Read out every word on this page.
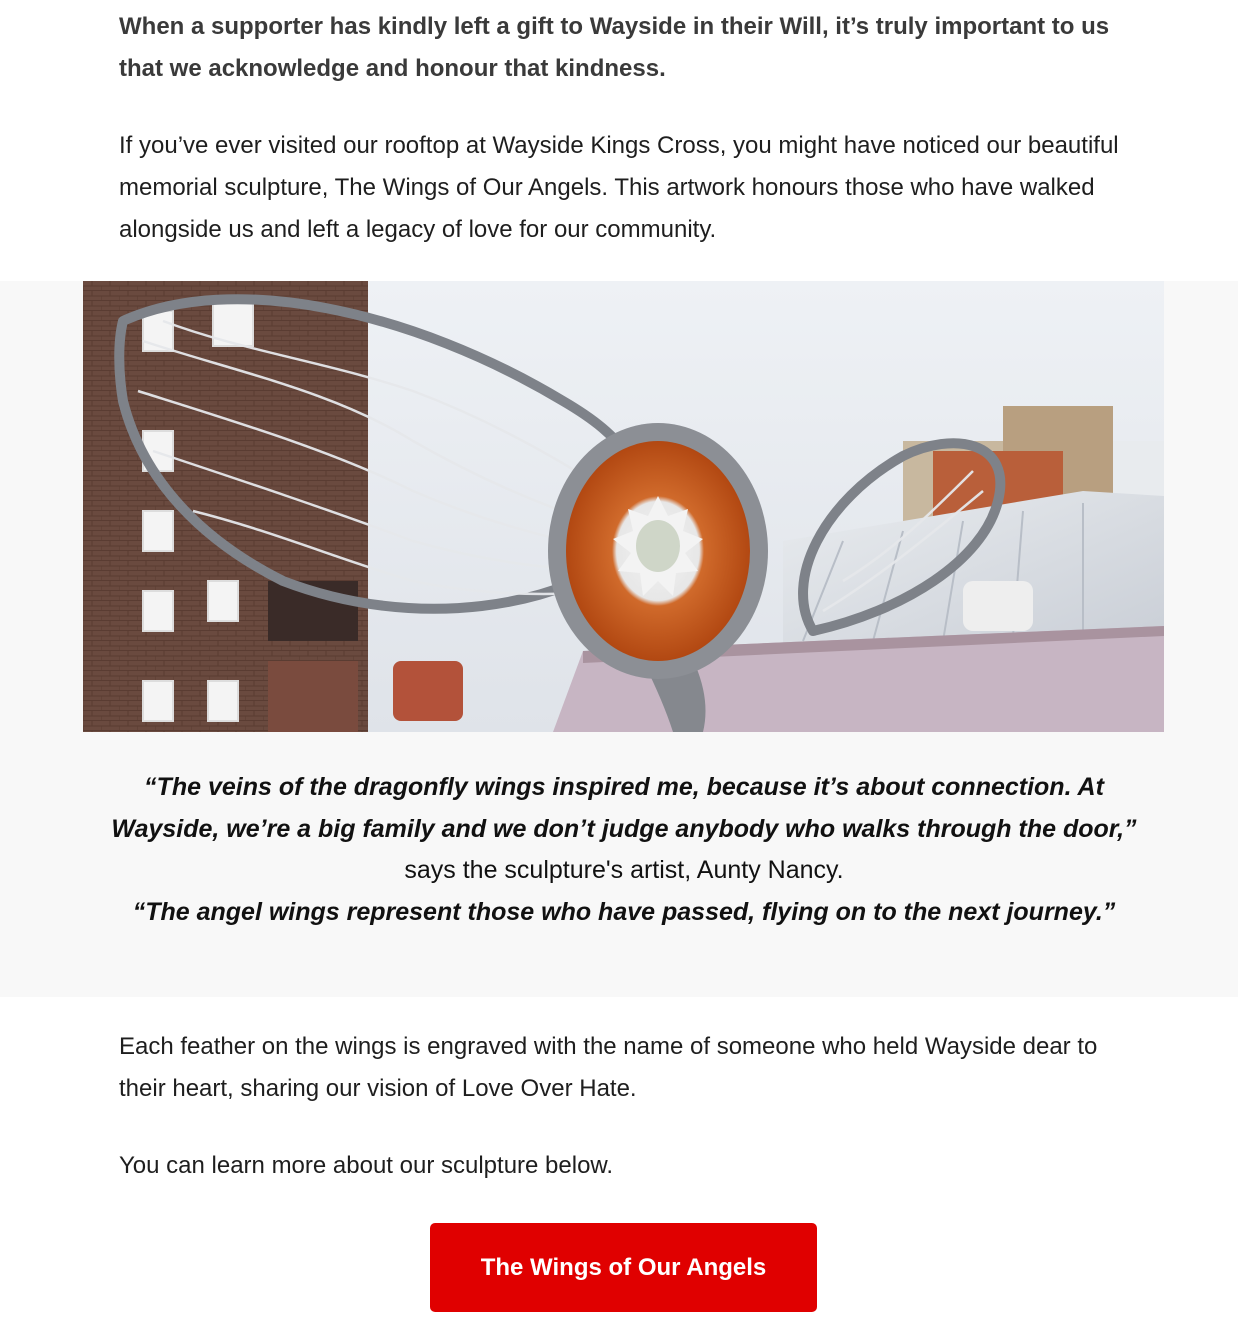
When a supporter has kindly left a gift to Wayside in their Will, it’s truly important to us that we acknowledge and honour that kindness.

If you’ve ever visited our rooftop at Wayside Kings Cross, you might have noticed our beautiful memorial sculpture, The Wings of Our Angels. This artwork honours those who have walked alongside us and left a legacy of love for our community.

“The veins of the dragonfly wings inspired me, because it’s about connection. At Wayside, we’re a big family and we don’t judge anybody who walks through the door,” says the sculpture's artist, Aunty Nancy.
“The angel wings represent those who have passed, flying on to the next journey.”

Each feather on the wings is engraved with the name of someone who held Wayside dear to their heart, sharing our vision of Love Over Hate.

You can learn more about our sculpture below.

The Wings of Our Angels
